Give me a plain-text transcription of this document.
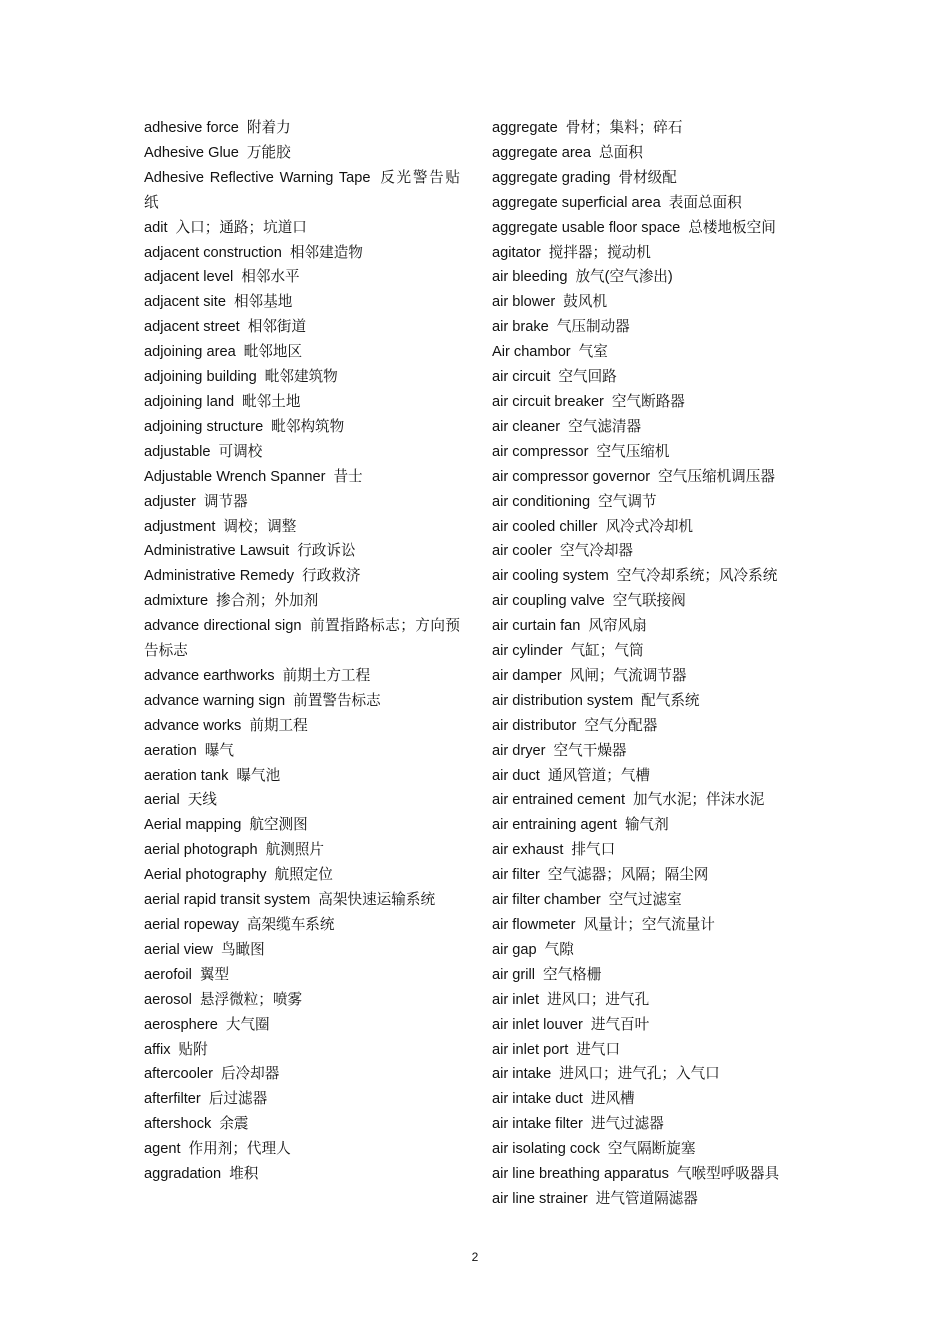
adhesive force 附着力
Adhesive Glue 万能胶
Adhesive Reflective Warning Tape 反光警告贴纸
adit 入口；通路；坑道口
adjacent construction 相邻建造物
adjacent level 相邻水平
adjacent site 相邻基地
adjacent street 相邻街道
adjoining area 毗邻地区
adjoining building 毗邻建筑物
adjoining land 毗邻土地
adjoining structure 毗邻构筑物
adjustable 可调校
Adjustable Wrench Spanner 昔士
adjuster 调节器
adjustment 调校；调整
Administrative Lawsuit 行政诉讼
Administrative Remedy 行政救济
admixture 掺合剂；外加剂
advance directional sign 前置指路标志；方向预告标志
advance earthworks 前期土方工程
advance warning sign 前置警告标志
advance works 前期工程
aeration 曝气
aeration tank 曝气池
aerial 天线
Aerial mapping 航空测图
aerial photograph 航测照片
Aerial photography 航照定位
aerial rapid transit system 高架快速运输系统
aerial ropeway 高架缆车系统
aerial view 鸟瞰图
aerofoil 翼型
aerosol 悬浮微粒；喷雾
aerosphere 大气圈
affix 贴附
aftercooler 后冷却器
afterfilter 后过滤器
aftershock 余震
agent 作用剂；代理人
aggradation 堆积
aggregate 骨材；集料；碎石
aggregate area 总面积
aggregate grading 骨材级配
aggregate superficial area 表面总面积
aggregate usable floor space 总楼地板空间
agitator 搅拌器；搅动机
air bleeding 放气(空气渗出)
air blower 鼓风机
air brake 气压制动器
Air chambor 气室
air circuit 空气回路
air circuit breaker 空气断路器
air cleaner 空气滤清器
air compressor 空气压缩机
air compressor governor 空气压缩机调压器
air conditioning 空气调节
air cooled chiller 风冷式冷却机
air cooler 空气冷却器
air cooling system 空气冷却系统；风冷系统
air coupling valve 空气联接阀
air curtain fan 风帘风扇
air cylinder 气缸；气筒
air damper 风闸；气流调节器
air distribution system 配气系统
air distributor 空气分配器
air dryer 空气干燥器
air duct 通风管道；气槽
air entrained cement 加气水泥；伴沫水泥
air entraining agent 输气剂
air exhaust 排气口
air filter 空气滤器；风隔；隔尘网
air filter chamber 空气过滤室
air flowmeter 风量计；空气流量计
air gap 气隙
air grill 空气格栅
air inlet 进风口；进气孔
air inlet louver 进气百叶
air inlet port 进气口
air intake 进风口；进气孔；入气口
air intake duct 进风槽
air intake filter 进气过滤器
air isolating cock 空气隔断旋塞
air line breathing apparatus 气喉型呼吸器具
air line strainer 进气管道隔滤器
2
